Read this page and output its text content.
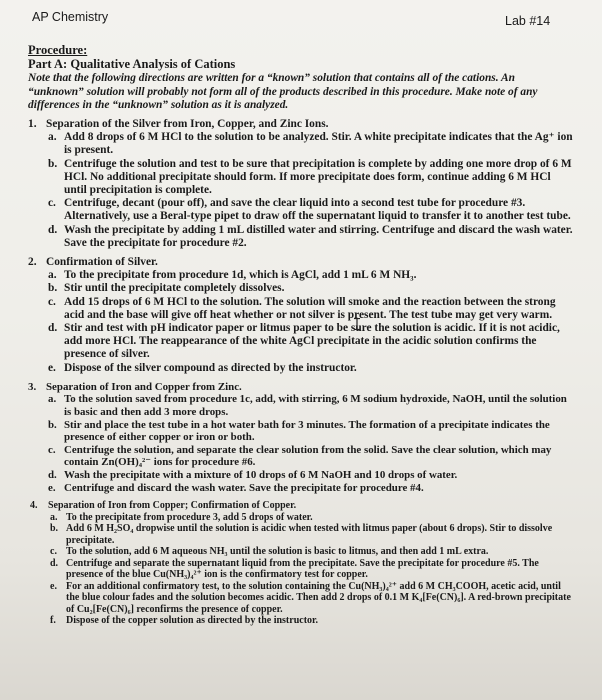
AP Chemistry	Lab #14
Procedure:
Part A: Qualitative Analysis of Cations
Note that the following directions are written for a “known” solution that contains all of the cations. An “unknown” solution will probably not form all of the products described in this procedure. Make note of any differences in the “unknown” solution as it is analyzed.
1. Separation of the Silver from Iron, Copper, and Zinc Ions.
a. Add 8 drops of 6 M HCl to the solution to be analyzed. Stir. A white precipitate indicates that the Ag⁺ ion is present.
b. Centrifuge the solution and test to be sure that precipitation is complete by adding one more drop of 6 M HCl. No additional precipitate should form. If more precipitate does form, continue adding 6 M HCl until precipitation is complete.
c. Centrifuge, decant (pour off), and save the clear liquid into a second test tube for procedure #3. Alternatively, use a Beral-type pipet to draw off the supernatant liquid to transfer it to another test tube.
d. Wash the precipitate by adding 1 mL distilled water and stirring. Centrifuge and discard the wash water. Save the precipitate for procedure #2.
2. Confirmation of Silver.
a. To the precipitate from procedure 1d, which is AgCl, add 1 mL 6 M NH₃.
b. Stir until the precipitate completely dissolves.
c. Add 15 drops of 6 M HCl to the solution. The solution will smoke and the reaction between the strong acid and the base will give off heat whether or not silver is present. The test tube may get very warm.
d. Stir and test with pH indicator paper or litmus paper to be sure the solution is acidic. If it is not acidic, add more HCl. The reappearance of the white AgCl precipitate in the acidic solution confirms the presence of silver.
e. Dispose of the silver compound as directed by the instructor.
3. Separation of Iron and Copper from Zinc.
a. To the solution saved from procedure 1c, add, with stirring, 6 M sodium hydroxide, NaOH, until the solution is basic and then add 3 more drops.
b. Stir and place the test tube in a hot water bath for 3 minutes. The formation of a precipitate indicates the presence of either copper or iron or both.
c. Centrifuge the solution, and separate the clear solution from the solid. Save the clear solution, which may contain Zn(OH)₄²⁻ ions for procedure #6.
d. Wash the precipitate with a mixture of 10 drops of 6 M NaOH and 10 drops of water.
e. Centrifuge and discard the wash water. Save the precipitate for procedure #4.
4.	Separation of Iron from Copper; Confirmation of Copper.
a. To the precipitate from procedure 3, add 5 drops of water.
b. Add 6 M H₂SO₄ dropwise until the solution is acidic when tested with litmus paper (about 6 drops). Stir to dissolve precipitate.
c. To the solution, add 6 M aqueous NH₃ until the solution is basic to litmus, and then add 1 mL extra.
d. Centrifuge and separate the supernatant liquid from the precipitate. Save the precipitate for procedure #5. The presence of the blue Cu(NH₃)₄²⁺ ion is the confirmatory test for copper.
e. For an additional confirmatory test, to the solution containing the Cu(NH₃)₄²⁺ add 6 M CH₃COOH, acetic acid, until the blue colour fades and the solution becomes acidic. Then add 2 drops of 0.1 M K₄[Fe(CN)₆]. A red-brown precipitate of Cu₂[Fe(CN)₆] reconfirms the presence of copper.
f.	Dispose of the copper solution as directed by the instructor.
